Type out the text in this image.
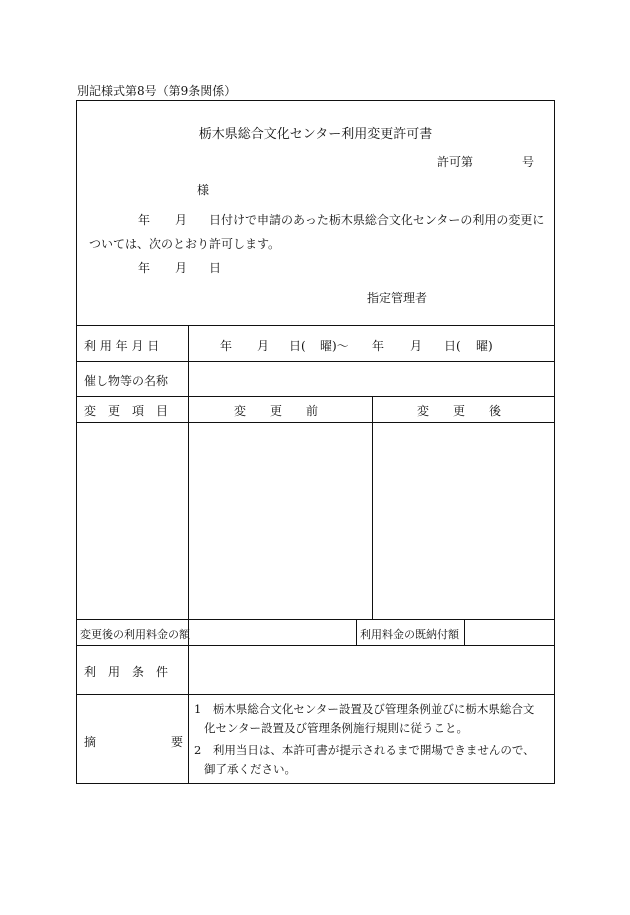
別記様式第8号（第9条関係）
栃木県総合文化センター利用変更許可書
許可第	号
様
年 月 日付けで申請のあった栃木県総合文化センターの利用の変更に
ついては、次のとおり許可します。
年 月 日
指定管理者
利 用 年 月 日	年 月 日( 曜)～ 年 月 日( 曜)
催し物等の名称
変　更　項　目	変　　更　　前	変　　更　　後
変更後の利用料金の額	利用料金の既納付額
利　用　条　件
摘	要
1　栃木県総合文化センター設置及び管理条例並びに栃木県総合文
化センター設置及び管理条例施行規則に従うこと。
2　利用当日は、本許可書が提示されるまで開場できませんので、
御了承ください。
